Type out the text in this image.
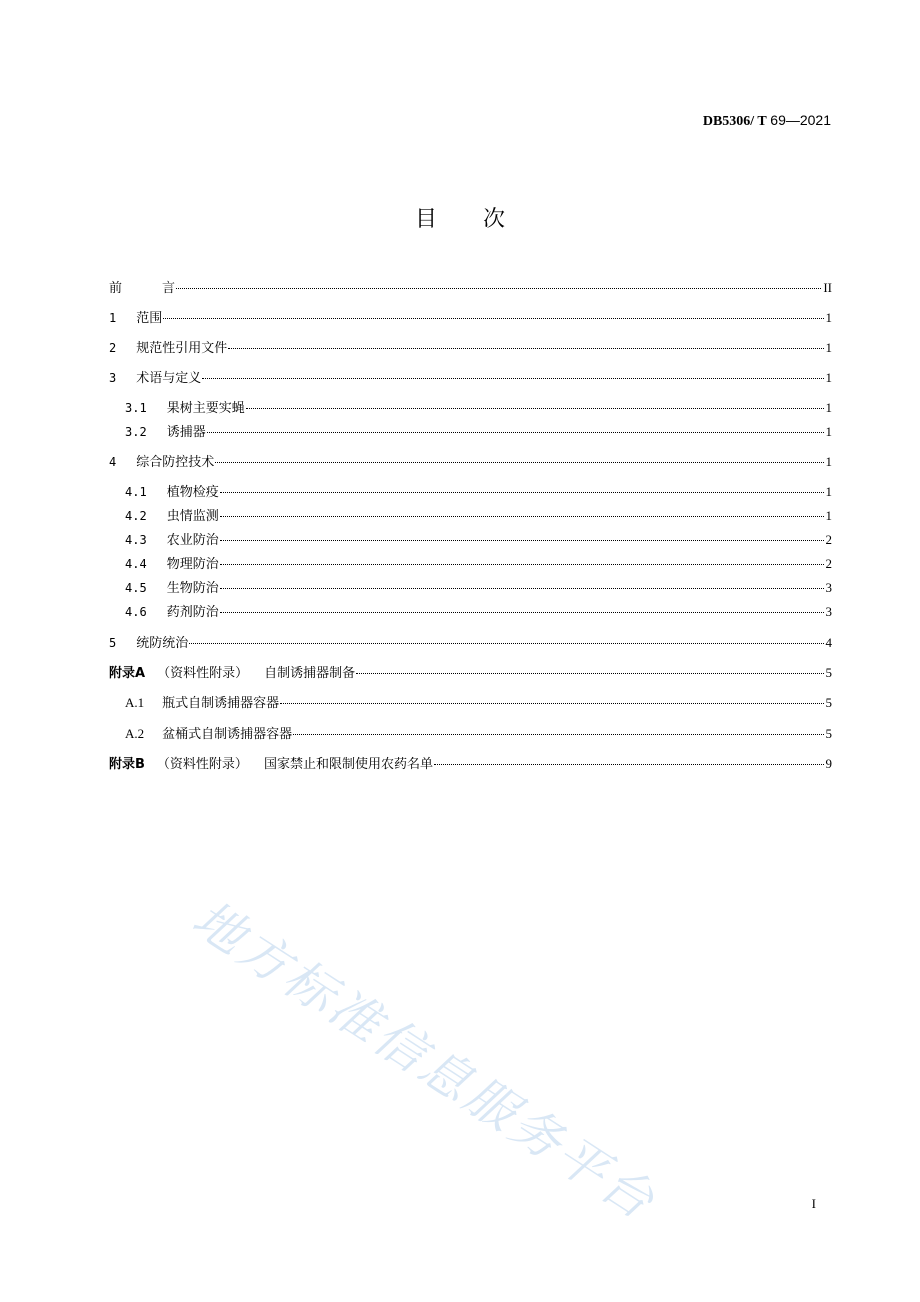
DB5306/ T 69—2021
目次
前	言	II
1 范围	1
2 规范性引用文件	1
3 术语与定义	1
3.1 果树主要实蝇	1
3.2 诱捕器	1
4 综合防控技术	1
4.1 植物检疫	1
4.2 虫情监测	1
4.3 农业防治	2
4.4 物理防治	2
4.5 生物防治	3
4.6 药剂防治	3
5 统防统治	4
附录A （资料性附录） 自制诱捕器制备	5
A.1 瓶式自制诱捕器容器	5
A.2 盆桶式自制诱捕器容器	5
附录B （资料性附录） 国家禁止和限制使用农药名单	9
地方标准信息服务平台	I
